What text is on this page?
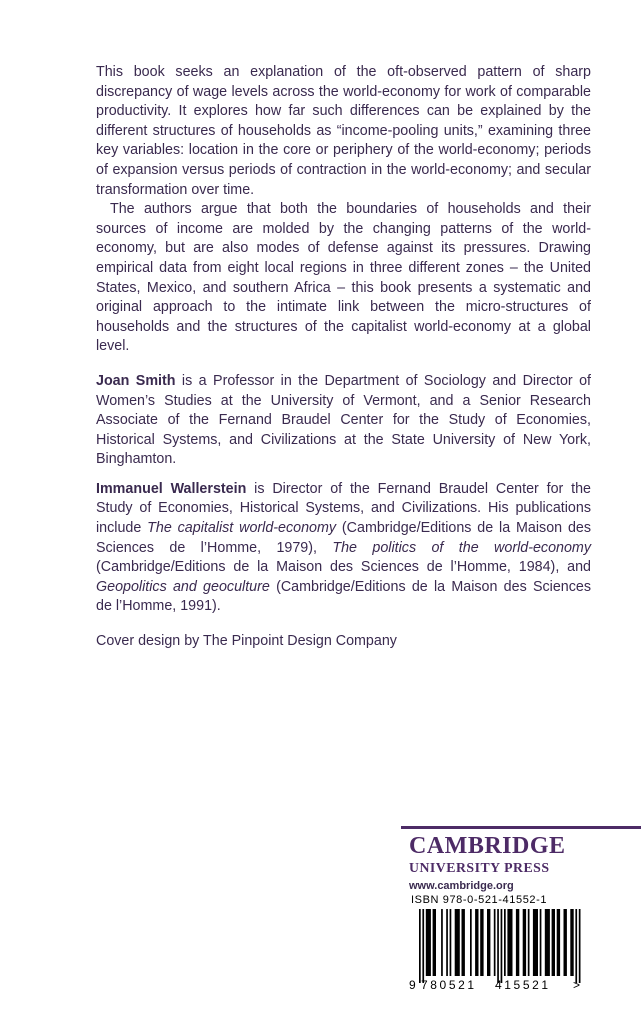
This book seeks an explanation of the oft-observed pattern of sharp discrepancy of wage levels across the world-economy for work of comparable productivity. It explores how far such differences can be explained by the different structures of households as “income-pooling units,” examining three key variables: location in the core or periphery of the world-economy; periods of expansion versus periods of contraction in the world-economy; and secular transformation over time.

The authors argue that both the boundaries of households and their sources of income are molded by the changing patterns of the world-economy, but are also modes of defense against its pressures. Drawing empirical data from eight local regions in three different zones – the United States, Mexico, and southern Africa – this book presents a systematic and original approach to the intimate link between the micro-structures of households and the structures of the capitalist world-economy at a global level.

Joan Smith is a Professor in the Department of Sociology and Director of Women’s Studies at the University of Vermont, and a Senior Research Associate of the Fernand Braudel Center for the Study of Economies, Historical Systems, and Civilizations at the State University of New York, Binghamton.

Immanuel Wallerstein is Director of the Fernand Braudel Center for the Study of Economies, Historical Systems, and Civilizations. His publications include The capitalist world-economy (Cambridge/Editions de la Maison des Sciences de l’Homme, 1979), The politics of the world-economy (Cambridge/Editions de la Maison des Sciences de l’Homme, 1984), and Geopolitics and geoculture (Cambridge/Editions de la Maison des Sciences de l’Homme, 1991).

Cover design by The Pinpoint Design Company

CAMBRIDGE

UNIVERSITY PRESS

www.cambridge.org

ISBN 978-0-521-41552-1
9 780521 415521 >
